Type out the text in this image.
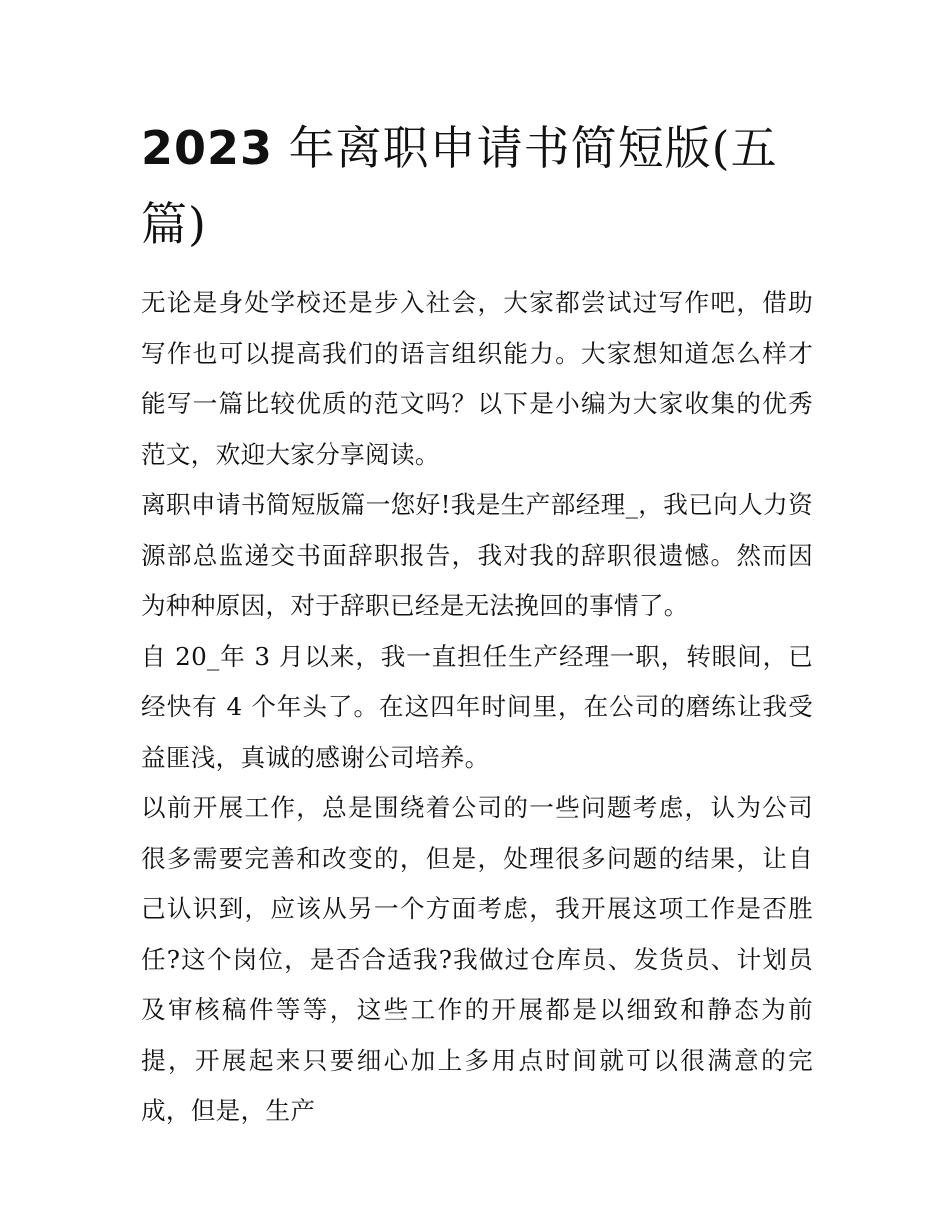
2023 年离职申请书简短版(五篇)

无论是身处学校还是步入社会，大家都尝试过写作吧，借助写作也可以提高我们的语言组织能力。大家想知道怎么样才能写一篇比较优质的范文吗？以下是小编为大家收集的优秀范文，欢迎大家分享阅读。

离职申请书简短版篇一您好!我是生产部经理_，我已向人力资源部总监递交书面辞职报告，我对我的辞职很遗憾。然而因为种种原因，对于辞职已经是无法挽回的事情了。

自 20_年 3 月以来，我一直担任生产经理一职，转眼间，已经快有 4 个年头了。在这四年时间里，在公司的磨练让我受益匪浅，真诚的感谢公司培养。

以前开展工作，总是围绕着公司的一些问题考虑，认为公司很多需要完善和改变的，但是，处理很多问题的结果，让自己认识到，应该从另一个方面考虑，我开展这项工作是否胜任?这个岗位，是否合适我?我做过仓库员、发货员、计划员及审核稿件等等，这些工作的开展都是以细致和静态为前提，开展起来只要细心加上多用点时间就可以很满意的完成，但是，生产
